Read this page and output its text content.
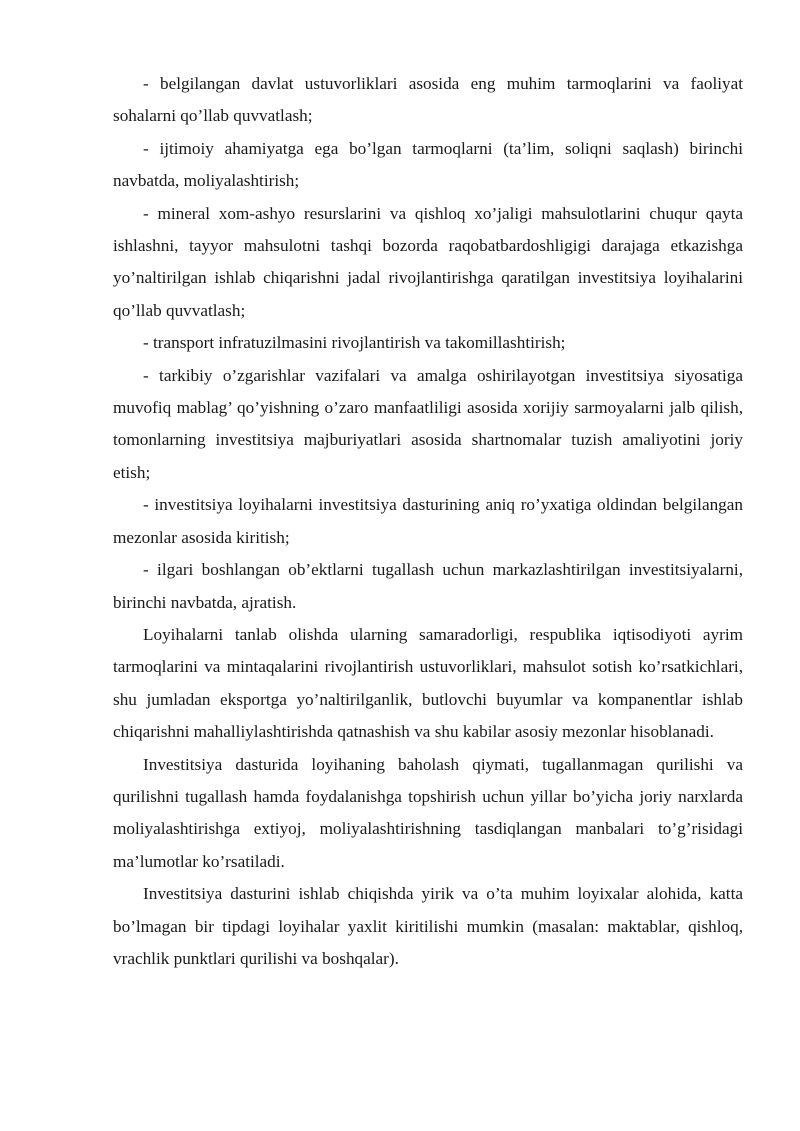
- belgilangan davlat ustuvorliklari asosida eng muhim tarmoqlarini va faoliyat sohalarni qo’llab quvvatlash;

- ijtimoiy ahamiyatga ega bo’lgan tarmoqlarni (ta’lim, soliqni saqlash) birinchi navbatda, moliyalashtirish;

- mineral xom-ashyo resurslarini va qishloq xo’jaligi mahsulotlarini chuqur qayta ishlashni, tayyor mahsulotni tashqi bozorda raqobatbardoshligigi darajaga etkazishga yo’naltirilgan ishlab chiqarishni jadal rivojlantirishga qaratilgan investitsiya loyihalarini qo’llab quvvatlash;

- transport infratuzilmasini rivojlantirish va takomillashtirish;

- tarkibiy o’zgarishlar vazifalari va amalga oshirilayotgan investitsiya siyosatiga muvofiq mablag’ qo’yishning o’zaro manfaatliligi asosida xorijiy sarmoyalarni jalb qilish, tomonlarning investitsiya majburiyatlari asosida shartnomalar tuzish amaliyotini joriy etish;

- investitsiya loyihalarni investitsiya dasturining aniq ro’yxatiga oldindan belgilangan mezonlar asosida kiritish;

- ilgari boshlangan ob’ektlarni tugallash uchun markazlashtirilgan investitsiyalarni, birinchi navbatda, ajratish.

Loyihalarni tanlab olishda ularning samaradorligi, respublika iqtisodiyoti ayrim tarmoqlarini va mintaqalarini rivojlantirish ustuvorliklari, mahsulot sotish ko’rsatkichlari, shu jumladan eksportga yo’naltirilganlik, butlovchi buyumlar va kompanentlar ishlab chiqarishni mahalliylashtirishda qatnashish va shu kabilar asosiy mezonlar hisoblanadi.

Investitsiya dasturida loyihaning baholash qiymati, tugallanmagan qurilishi va qurilishni tugallash hamda foydalanishga topshirish uchun yillar bo’yicha joriy narxlarda moliyalashtirishga extiyoj, moliyalashtirishning tasdiqlangan manbalari to’g’risidagi ma’lumotlar ko’rsatiladi.

Investitsiya dasturini ishlab chiqishda yirik va o’ta muhim loyixalar alohida, katta bo’lmagan bir tipdagi loyihalar yaxlit kiritilishi mumkin (masalan: maktablar, qishloq, vrachlik punktlari qurilishi va boshqalar).
